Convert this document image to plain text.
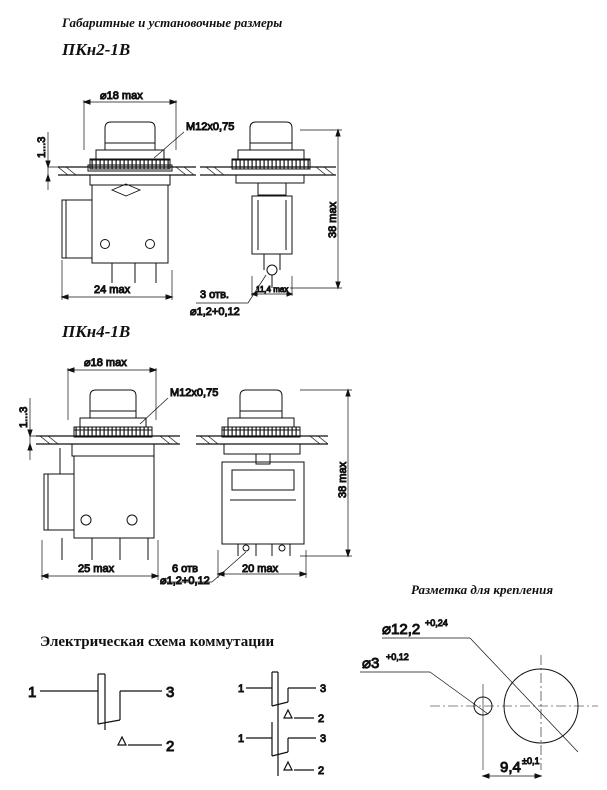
Габаритные и установочные размеры
ПКн2-1В
ПКн4-1В
Разметка для крепления
Электрическая схема коммутации
⌀18 max
M12x0,75
1...3
24 max
38 max
3 отв.
⌀1,2+0,12
11,4 max
⌀18 max
M12x0,75
1...3
25 max
38 max
6 отв
⌀1,2+0,12
20 max
⌀12,2 +0,24
⌀3 +0,12
9,4 ±0,1
1	3
2
1	3
2
1	3
2
